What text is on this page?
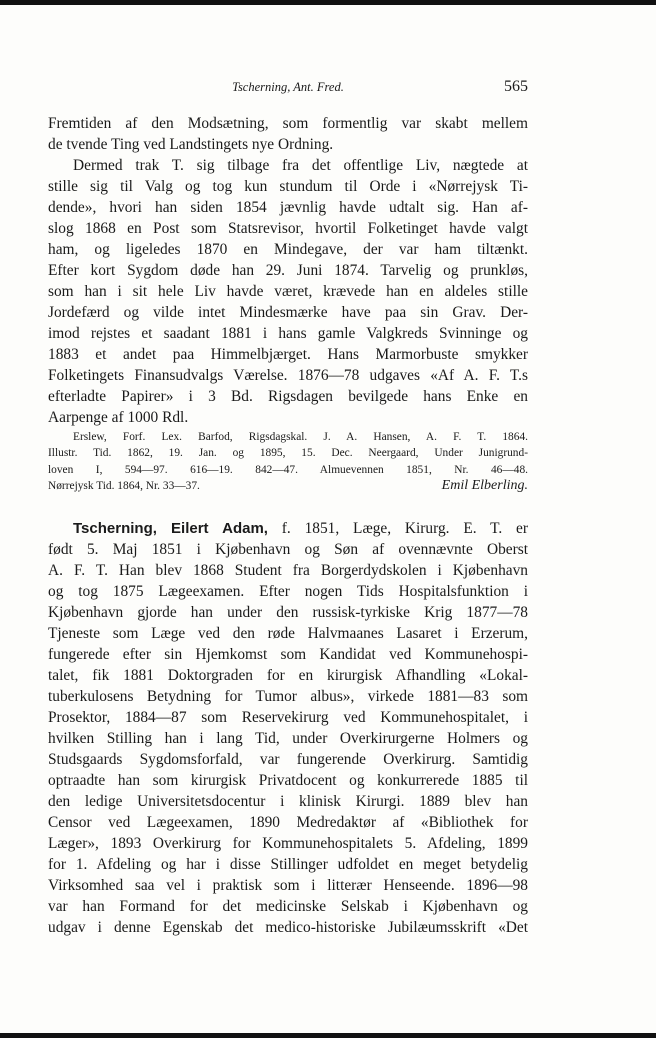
Tscherning, Ant. Fred.	565
Fremtiden af den Modsætning, som formentlig var skabt mellem
de tvende Ting ved Landstingets nye Ordning.
Dermed trak T. sig tilbage fra det offentlige Liv, nægtede at
stille sig til Valg og tog kun stundum til Orde i «Nørrejysk Ti-
dende», hvori han siden 1854 jævnlig havde udtalt sig. Han af-
slog 1868 en Post som Statsrevisor, hvortil Folketinget havde valgt
ham, og ligeledes 1870 en Mindegave, der var ham tiltænkt.
Efter kort Sygdom døde han 29. Juni 1874. Tarvelig og prunkløs,
som han i sit hele Liv havde været, krævede han en aldeles stille
Jordefærd og vilde intet Mindesmærke have paa sin Grav. Der-
imod rejstes et saadant 1881 i hans gamle Valgkreds Svinninge og
1883 et andet paa Himmelbjærget. Hans Marmorbuste smykker
Folketingets Finansudvalgs Værelse. 1876—78 udgaves «Af A. F. T.s
efterladte Papirer» i 3 Bd. Rigsdagen bevilgede hans Enke en
Aarpenge af 1000 Rdl.
Erslew, Forf. Lex. Barfod, Rigsdagskal. J. A. Hansen, A. F. T. 1864.
Illustr. Tid. 1862, 19. Jan. og 1895, 15. Dec. Neergaard, Under Junigrund-
loven I, 594—97. 616—19. 842—47. Almuevennen 1851, Nr. 46—48.
Nørrejysk Tid. 1864, Nr. 33—37.	Emil Elberling.
Tscherning, Eilert Adam, f. 1851, Læge, Kirurg. E. T. er
født 5. Maj 1851 i Kjøbenhavn og Søn af ovennævnte Oberst
A. F. T. Han blev 1868 Student fra Borgerdydskolen i Kjøbenhavn
og tog 1875 Lægeexamen. Efter nogen Tids Hospitalsfunktion i
Kjøbenhavn gjorde han under den russisk-tyrkiske Krig 1877—78
Tjeneste som Læge ved den røde Halvmaanes Lasaret i Erzerum,
fungerede efter sin Hjemkomst som Kandidat ved Kommunehospi-
talet, fik 1881 Doktorgraden for en kirurgisk Afhandling «Lokal-
tuberkulosens Betydning for Tumor albus», virkede 1881—83 som
Prosektor, 1884—87 som Reservekirurg ved Kommunehospitalet, i
hvilken Stilling han i lang Tid, under Overkirurgerne Holmers og
Studsgaards Sygdomsforfald, var fungerende Overkirurg. Samtidig
optraadte han som kirurgisk Privatdocent og konkurrerede 1885 til
den ledige Universitetsdocentur i klinisk Kirurgi. 1889 blev han
Censor ved Lægeexamen, 1890 Medredaktør af «Bibliothek for
Læger», 1893 Overkirurg for Kommunehospitalets 5. Afdeling, 1899
for 1. Afdeling og har i disse Stillinger udfoldet en meget betydelig
Virksomhed saa vel i praktisk som i litterær Henseende. 1896—98
var han Formand for det medicinske Selskab i Kjøbenhavn og
udgav i denne Egenskab det medico-historiske Jubilæumsskrift «Det
